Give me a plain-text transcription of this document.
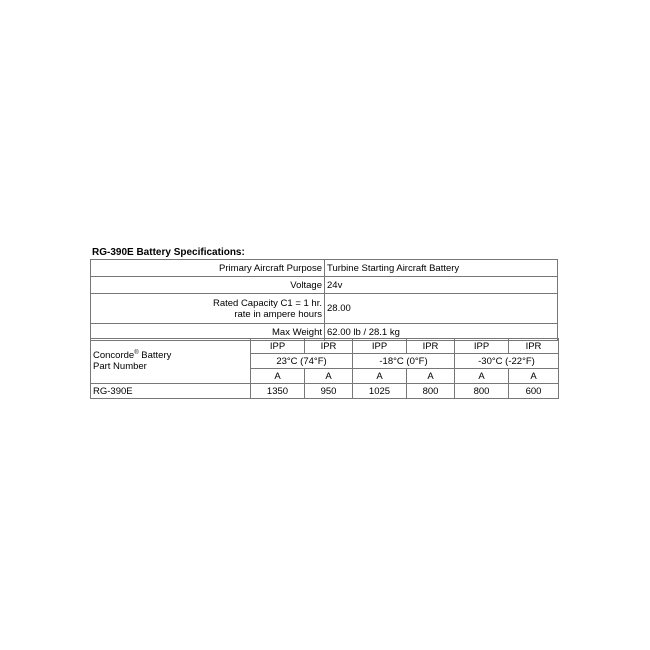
RG-390E Battery Specifications:
Primary Aircraft Purpose	Turbine Starting Aircraft Battery
Voltage	24v

Rated Capacity C1 = 1 hr.
rate in ampere hours	28.00
Max Weight	62.00 lb / 28.1 kg
Concorde® Battery
Part Number	IPP	IPR	IPP	IPR	IPP	IPR
	23°C (74°F)		-18°C (0°F)		-30°C (-22°F)	
	A	A	A	A	A	A
RG-390E	1350	950	1025	800	800	600
